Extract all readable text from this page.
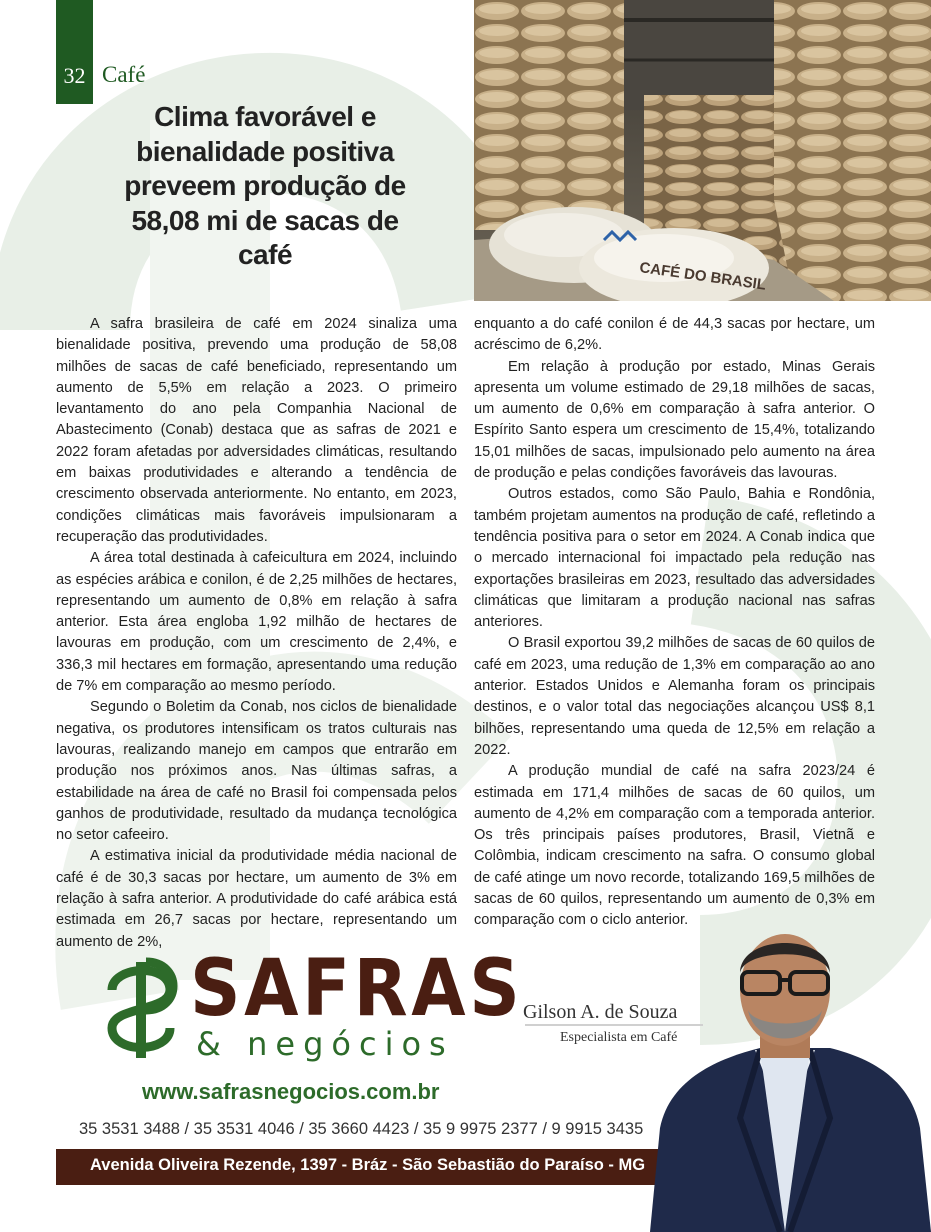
32 Café
Clima favorável e bienalidade positiva preveem produção de 58,08 mi de sacas de café
CAFÉ DO BRASIL

A safra brasileira de café em 2024 sinaliza uma bienalidade positiva, prevendo uma produção de 58,08 milhões de sacas de café beneficiado, representando um aumento de 5,5% em relação a 2023. O primeiro levantamento do ano pela Companhia Nacional de Abastecimento (Conab) destaca que as safras de 2021 e 2022 foram afetadas por adversidades climáticas, resultando em baixas produtividades e alterando a tendência de crescimento observada anteriormente. No entanto, em 2023, condições climáticas mais favoráveis impulsionaram a recuperação das produtividades.

A área total destinada à cafeicultura em 2024, incluindo as espécies arábica e conilon, é de 2,25 milhões de hectares, representando um aumento de 0,8% em relação à safra anterior. Esta área engloba 1,92 milhão de hectares de lavouras em produção, com um crescimento de 2,4%, e 336,3 mil hectares em formação, apresentando uma redução de 7% em comparação ao mesmo período.

Segundo o Boletim da Conab, nos ciclos de bienalidade negativa, os produtores intensificam os tratos culturais nas lavouras, realizando manejo em campos que entrarão em produção nos próximos anos. Nas últimas safras, a estabilidade na área de café no Brasil foi compensada pelos ganhos de produtividade, resultado da mudança tecnológica no setor cafeeiro.

A estimativa inicial da produtividade média nacional de café é de 30,3 sacas por hectare, um aumento de 3% em relação à safra anterior. A produtividade do café arábica está estimada em 26,7 sacas por hectare, representando um aumento de 2%,

enquanto a do café conilon é de 44,3 sacas por hectare, um acréscimo de 6,2%.

Em relação à produção por estado, Minas Gerais apresenta um volume estimado de 29,18 milhões de sacas, um aumento de 0,6% em comparação à safra anterior. O Espírito Santo espera um crescimento de 15,4%, totalizando 15,01 milhões de sacas, impulsionado pelo aumento na área de produção e pelas condições favoráveis das lavouras.

Outros estados, como São Paulo, Bahia e Rondônia, também projetam aumentos na produção de café, refletindo a tendência positiva para o setor em 2024. A Conab indica que o mercado internacional foi impactado pela redução nas exportações brasileiras em 2023, resultado das adversidades climáticas que limitaram a produção nacional nas safras anteriores.

O Brasil exportou 39,2 milhões de sacas de 60 quilos de café em 2023, uma redução de 1,3% em comparação ao ano anterior. Estados Unidos e Alemanha foram os principais destinos, e o valor total das negociações alcançou US$ 8,1 bilhões, representando uma queda de 12,5% em relação a 2022.

A produção mundial de café na safra 2023/24 é estimada em 171,4 milhões de sacas de 60 quilos, um aumento de 4,2% em comparação com a temporada anterior. Os três principais países produtores, Brasil, Vietnã e Colômbia, indicam crescimento na safra. O consumo global de café atinge um novo recorde, totalizando 169,5 milhões de sacas de 60 quilos, representando um aumento de 0,3% em comparação com o ciclo anterior.

SAFRAS
& negócios
www.safrasnegocios.com.br
35 3531 3488 / 35 3531 4046 / 35 3660 4423 / 35 9 9975 2377 / 9 9915 3435
Avenida Oliveira Rezende, 1397 - Bráz - São Sebastião do Paraíso - MG
Gilson A. de Souza
Especialista em Café
